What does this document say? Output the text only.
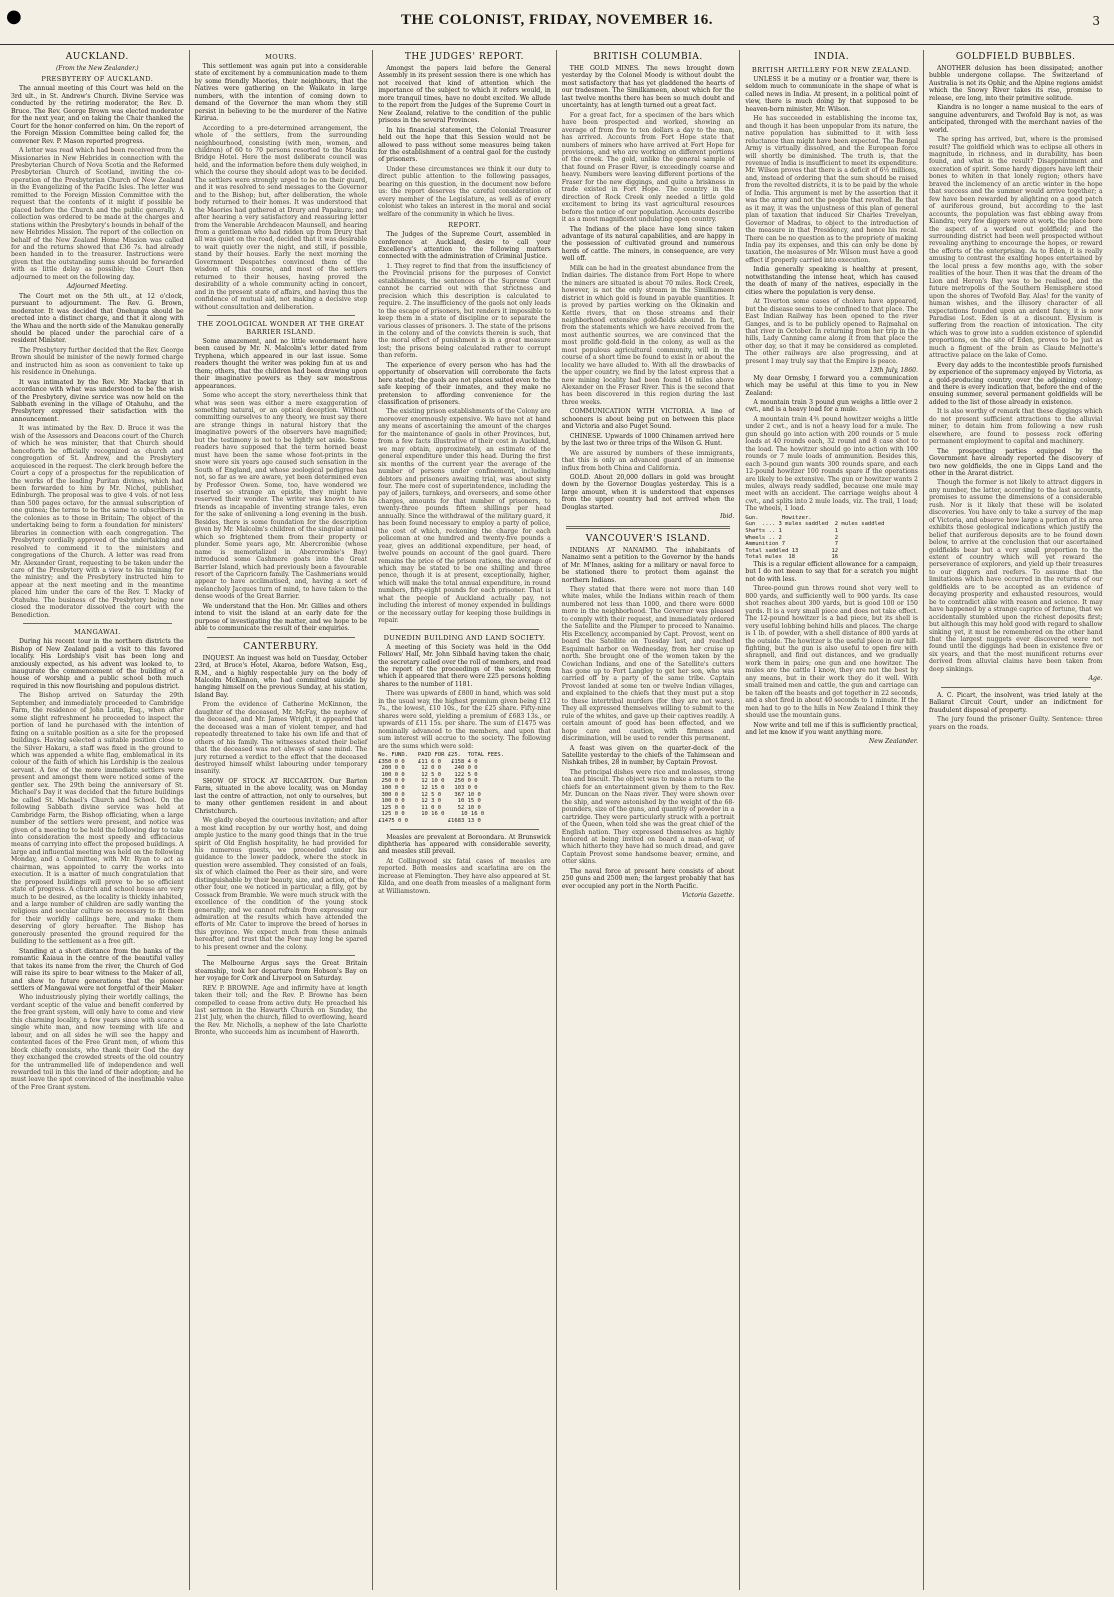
●	THE COLONIST, FRIDAY, NOVEMBER 16.	3
AUCKLAND.
(From the New Zealander.)
PRESBYTERY OF AUCKLAND.

The annual meeting of this Court was held on the 3rd ult., in St. Andrew's Church. Divine Service was conducted by the retiring moderator, the Rev. D. Bruce. The Rev. George Brown was elected moderator for the next year, and on taking the Chair thanked the Court for the honor conferred on him. On the report of the Foreign Mission Committee being called for, the convener Rev. P. Mason reported progress.

A letter was read which had been received from the Missionaries in New Hebrides in connection with the Presbyterian Church of Nova Scotia and the Reformed Presbyterian Church of Scotland, inviting the co-operation of the Presbyterian Church of New Zealand in the Evangelizing of the Pacific Isles. The letter was remitted to the Foreign Mission Committee with the request that the contents of it might if possible be placed before the Church and the public generally. A collection was ordered to be made at the charges and stations within the Presbytery's bounds in behalf of the new Hebrides Mission. The report of the collection on behalf of the New Zealand Home Mission was called for and the returns showed that £36 7s. had already been handed in to the treasurer. Instructions were given that the outstanding sums should be forwarded with as little delay as possible; the Court then adjourned to meet on the following day.

Adjourned Meeting.

The Court met on the 5th ult., at 12 o'clock, pursuant to adjournment. The Rev. G. Brown, moderator. It was decided that Onehunga should be erected into a distinct charge, and that it along with the Whau and the north side of the Manukau generally should be placed under the parochial care of a resident Minister.

The Presbytery further decided that the Rev. George Brown should be minister of the newly formed charge and instructed him as soon as convenient to take up his residence in Onehunga.

It was intimated by the Rev. Mr. Mackay that in accordance with what was understood to be the wish of the Presbytery, divine service was now held on the Sabbath evening in the village of Otahuhu, and the Presbytery expressed their satisfaction with the announcement.

It was intimated by the Rev. D. Bruce it was the wish of the Assessors and Deacons court of the Church of which he was minister, that that Church should henceforth be officially recognized as church and congregation of St. Andrew, and the Presbytery acquiesced in the request. The clerk brough before the Court a copy of a prospectus for the republication of the works of the leading Puritan divines, which had been forwarded to him by Mr. Nichol, publisher, Edinburgh. The proposal was to give 4 vols. of not less than 500 pages octavo, for the annual subscription of one guinea; the terms to be the same to subscribers in the colonies as to those in Britain; The object of the undertaking being to form a foundation for ministers' libraries in connection with each congregation. The Presbytery cordially approved of the undertaking and resolved to commend it to the ministers and congregations of the Church. A letter was read from Mr. Alexander Grant, requesting to be taken under the care of the Presbytery with a view to his training for the ministry; and the Presbytery instructed him to appear at the next meeting and in the meantime placed him under the care of the Rev. T. Macky of Otahuhu. The business of the Presbytery being now closed the moderator dissolved the court with the Benediction.

MANGAWAI.

During his recent tour in the northern districts the Bishop of New Zealand paid a visit to this favored locality. His Lordship's visit has been long and anxiously expected, as his advent was looked to, to inaugurate the commencement of the building of a house of worship and a public school both much required in this now flourishing and populous district.

The Bishop arrived on Saturday the 29th September, and immediately proceeded to Cambridge Farm, the residence of John Lutin, Esq., when after some slight refreshment he proceeded to inspect the portion of land he purchased with the intention of fixing on a suitable position as a site for the proposed buildings. Having selected a suitable position close to the Silver Hakaru, a staff was fixed in the ground to which was appended a white flag, emblematical in its colour of the faith of which his Lordship is the zealous servant. A few of the more immediate settlers were present and amongst them were noticed some of the gentler sex. The 29th being the anniversary of St. Michael's Day it was decided that the future buildings be called St. Michael's Church and School. On the following Sabbath divine service was held at Cambridge Farm, the Bishop officiating, when a large number of the settlers were present, and notice was given of a meeting to be held the following day to take into consideration the most speedy and efficacious means of carrying into effect the proposed buildings. A large and influential meeting was held on the following Monday, and a Committee, with Mr. Ryan to act as chairman, was appointed to carry the works into execution. It is a matter of much congratulation that the proposed buildings will prove to be so efficient state of progress. A church and school house are very much to be desired, as the locality is thickly inhabited, and a large number of children are sadly wanting the religious and secular culture so necessary to fit them for their worldly callings here, and make them deserving of glory hereafter. The Bishop has generously presented the ground required for the building to the settlement as a free gift.

Standing at a short distance from the banks of the romantic Kaiaua in the centre of the beautiful valley that takes its name from the river, the Church of God will raise its spire to bear witness to the Maker of all, and shew to future generations that the pioneer settlers of Mangawai were not forgetful of their Maker.

Who industriously plying their worldly callings, the verdant sceptic of the value and benefit conferred by the free grant system, will only have to come and view this charming locality, a few years since with scarce a single white man, and now teeming with life and labour, and on all sides he will see the happy and contented faces of the Free Grant men, of whom this block chiefly consists, who thank their God the day they exchanged the crowded streets of the old country for the untrammelled life of independence and well rewarded toil in this the land of their adoption; and he must leave the spot convinced of the inestimable value of the Free Grant system.

MOURS.

This settlement was again put into a considerable state of excitement by a communication made to them by some friendly Maories, their neighbours, that the Natives were gathering on the Waikato in large numbers, with the intention of coming down to demand of the Governor the man whom they still persist in believing to be the murderer of the Native Kirirua.

According to a pre-determined arrangement, the whole of the settlers, from the surrounding neighbourhood, consisting (with men, women, and children) of 60 to 70 persons resorted to the Mauku Bridge Hotel. Here the most deliberate council was held, and the information before them duly weighed, in which the course they should adopt was to be decided. The settlers were strongly urged to be on their guard, and it was resolved to send messages to the Governor and to the Bishop; but, after deliberation, the whole body returned to their homes. It was understood that the Maories had gathered at Drury and Papakura; and after hearing a very satisfactory and reassuring letter from the Venerable Archdeacon Maunsell, and hearing from a gentleman who had ridden up from Drury that all was quiet on the road, decided that it was desirable to wait quietly over the night, and still, if possible, stand by their houses. Early the next morning the Government Despatches convinced them of the wisdom of this course, and most of the settlers returned to their houses, having proved the desirability of a whole community acting in concert, and in the present state of affairs, and having thus the confidence of mutual aid, not making a decisive step without consultation and deliberation.

THE ZOOLOGICAL WONDER AT THE GREAT BARRIER ISLAND.

Some amazement, and no little wonderment have been caused by Mr. N. Malcolm's letter dated from Tryphena, which appeared in our last issue. Some readers thought the writer was poking fun at us and them; others, that the children had been drawing upon their imaginative powers as they saw monstrous appearances.

Some who accept the story, nevertheless think that what was seen was either a mere exaggeration of something natural, or an optical deception. Without committing ourselves to any theory, we must say there are strange things in natural history that the imaginative powers of the observers have magnified; but the testimony is not to be lightly set aside. Some readers have supposed that the term horned beast must have been the same whose foot-prints in the snow were six years ago caused such sensation in the South of England, and whose zoological pedigree has not, so far as we are aware, yet been determined even by Professor Owen. Some, too, have wondered we inserted so strange an epistle, they might have reserved their wonder. The writer was known to his friends as incapable of inventing strange tales, even for the sake of enlivening a long evening in the bush. Besides, there is some foundation for the description given by Mr. Malcolm's children of the singular animal which so frightened them from their property or plunder. Some years ago, Mr. Abercrombie (whose name is memorialized in Abercrombie's Bay) introduced some Cashmere goats into the Great Barrier Island, which had previously been a favourable resort of the Capricorn family. The Cashmerians would appear to have acclimatised, and, having a sort of melancholy Jacques turn of mind, to have taken to the dense woods of the Great Barrier.

We understand that the Hon. Mr. Gillies and others intend to visit the island at an early date for the purpose of investigating the matter, and we hope to be able to communicate the result of their enquiries.

CANTERBURY.

INQUEST. An inquest was held on Tuesday, October 23rd, at Bruce's Hotel, Akaroa, before Watson, Esq., R.M., and a highly respectable jury on the body of Malcolm McKinnon, who had committed suicide by hanging himself on the previous Sunday, at his station, Island Bay.

From the evidence of Catherine McKinnon, the daughter of the deceased, Mr. McFay, the nephew of the deceased, and Mr. James Wright, it appeared that the deceased was a man of violent temper, and had repeatedly threatened to take his own life and that of others of his family. The witnesses stated their belief that the deceased was not always of sane mind. The jury returned a verdict to the effect that the deceased destroyed himself whilst labouring under temporary insanity.

SHOW OF STOCK AT RICCARTON. Our Barton Farm, situated in the above locality, was on Monday last the centre of attraction, not only to ourselves, but to many other gentlemen resident in and about Christchurch.

We gladly obeyed the courteous invitation; and after a most kind reception by our worthy host, and doing ample justice to the many good things that in the true spirit of Old English hospitality, he had provided for his numerous guests, we proceeded under his guidance to the lower paddock, where the stock in question were assembled. They consisted of an foals, six of which claimed the Peer as their sire, and were distinguishable by their beauty, size, and action, of the other four, one we noticed in particular, a filly, got by Cossack from Bramble. We were much struck with the excellence of the condition of the young stock generally; and we cannot refrain from expressing our admiration at the results which have attended the efforts of Mr. Cater to improve the breed of horses in this province. We expect much from these animals hereafter, and trust that the Peer may long be spared to his present owner and the colony.

The Melbourne Argus says the Great Britain steamship, took her departure from Hobson's Bay on her voyage for Cork and Liverpool on Saturday.

REV. P. BROWNE. Age and infirmity have at length taken their toll; and the Rev. P. Browne has been compelled to cease from active duty. He preached his last sermon in the Hawarth Church on Sunday, the 21st July, when the church, filled to overflowing, heard the Rev. Mr. Nicholls, a nephew of the late Charlotte Bronte, who succeeds him as incumbent of Haworth.

THE JUDGES' REPORT.

Amongst the papers laid before the General Assembly in its present session there is one which has not received that kind of attention which the importance of the subject to which it refers would, in more tranquil times, have no doubt excited. We allude to the report from the Judges of the Supreme Court in New Zealand, relative to the condition of the public prisons in the several Provinces.

In his financial statement, the Colonial Treasurer held out the hope that this Session would not be allowed to pass without some measures being taken for the establishment of a central gaol for the custody of prisoners.

Under these circumstances we think it our duty to direct public attention to the following passages, bearing on this question, in the document now before us: the report deserves the careful consideration of every member of the Legislature, as well as of every colonist who takes an interest in the moral and social welfare of the community in which he lives.

REPORT.

The Judges of the Supreme Court, assembled in conference at Auckland, desire to call your Excellency's attention to the following matters connected with the administration of Criminal Justice.

1. They regret to find that from the insufficiency of the Provincial prisons for the purposes of Convict establishments, the sentences of the Supreme Court cannot be carried out with that strictness and precision which this description is calculated to require. 2. The insufficiency of the gaols not only leads to the escape of prisoners, but renders it impossible to keep them in a state of discipline or to separate the various classes of prisoners. 3. The state of the prisons in the colony and of the convicts therein is such, that the moral effect of punishment is in a great measure lost; the prisons being calculated rather to corrupt than reform.

The experience of every person who has had the opportunity of observation will corroborate the facts here stated; the gaols are not places suited even to the safe keeping of their inmates, and they make no pretension to affording convenience for the classification of prisoners.

The existing prison establishments of the Colony are moreover enormously expensive. We have not at hand any means of ascertaining the amount of the charges for the maintenance of gaols in other Provinces, but, from a few facts illustrative of their cost in Auckland, we may obtain, approximately, an estimate of the general expenditure under this head. During the first six months of the current year the average of the number of persons under confinement, including debtors and prisoners awaiting trial, was about sixty four. The mere cost of superintendence, including the pay of jailers, turnkeys, and overseers, and some other charges, amounts for that number of prisoners, to twenty-three pounds fifteen shillings per head annually. Since the withdrawal of the military guard, it has been found necessary to employ a party of police, the cost of which, reckoning the charge for each policeman at one hundred and twenty-five pounds a year, gives an additional expenditure, per head, of twelve pounds on account of the gaol guard. There remains the price of the prison rations, the average of which may be stated to be one shilling and three pence, though it is at present, exceptionally, higher, which will make the total annual expenditure, in round numbers, fifty-eight pounds for each prisoner. That is what the people of Auckland actually pay, not including the interest of money expended in buildings or the necessary outlay for keeping those buildings in repair.

DUNEDIN BUILDING AND LAND SOCIETY.

A meeting of this Society was held in the Odd Fellows' Hall, Mr. John Sibbald having taken the chair, the secretary called over the roll of members, and read the report of the proceedings of the society, from which it appeared that there were 225 persons holding shares to the number of 1181.

There was upwards of £800 in hand, which was sold in the usual way, the highest premium given being £12 7s., the lowest, £10 10s., for the £25 share. Fifty-nine shares were sold, yielding a premium of £683 13s., or upwards of £11 15s. per share. The sum of £1475 was nominally advanced to the members, and upon that sum interest will accrue to the society. The following are the sums which were sold:

No. FUND.   PAID FOR £25.  TOTAL FEES.
£350 0 0    £11 6 0   £158 4 0
200 0 0     12 0 0    240 0 0
100 0 0     12 5 0    122 5 0
250 0 0     12 10 0   250 0 0
100 0 0     12 15 0   103 0 0
300 0 0     12 5 0    367 10 0
100 0 0     12 3 0     10 15 0
125 0 0     11 0 0     52 10 0
125 0 0     10 16 0     10 16 0
£1475 0 0            £1683 13 0

Measles are prevalent at Boroondara. At Brunswick diphtheria has appeared with considerable severity, and measles still prevail.

At Collingwood six fatal cases of measles are reported. Both measles and scarlatina are on the increase at Flemington. They have also appeared at St. Kilda, and one death from measles of a malignant form at Williamstown.

BRITISH COLUMBIA.

THE GOLD MINES. The news brought down yesterday by the Colonel Moody is without doubt the most satisfactory that has yet gladdened the hearts of our tradesmen. The Similkameen, about which for the last twelve months there has been so much doubt and uncertainty, has at length turned out a great fact.

For a great fact, for a specimen of the bars which have been prospected and worked, showing an average of from five to ten dollars a day to the man, has arrived. Accounts from Fort Hope state that numbers of miners who have arrived at Fort Hope for provisions, and who are working on different portions of the creek. The gold, unlike the general sample of that found on Fraser River, is exceedingly coarse and heavy. Numbers were leaving different portions of the Fraser for the new diggings, and quite a briskness in trade existed in Fort Hope. The country in the direction of Rock Creek only needed a little gold excitement to bring its vast agricultural resources before the notice of our population. Accounts describe it as a most magnificent undulating open country.

The Indians of the place have long since taken advantage of its natural capabilities, and are happy in the possession of cultivated ground and numerous herds of cattle. The miners, in consequence, are very well off.

Milk can be had in the greatest abundance from the Indian dairies. The distance from Fort Hope to where the miners are situated is about 70 miles. Rock Creek, however, is not the only stream in the Similkameen district in which gold is found in payable quantities. It is proved by parties working on the Okinakin and Kettle rivers, that on those streams and their neighborhood extensive gold-fields abound. In fact, from the statements which we have received from the most authentic sources, we are convinced that the most prolific gold-field in the colony, as well as the most populous agricultural community, will in the course of a short time be found to exist in or about the locality we have alluded to. With all the drawbacks of the upper country, we find by the latest express that a new mining locality had been found 16 miles above Alexander on the Fraser River. This is the second that has been discovered in this region during the last three weeks.

COMMUNICATION WITH VICTORIA. A line of schooners is about being put on between this place and Victoria and also Puget Sound.

CHINESE. Upwards of 1000 Chinamen arrived here by the last two or three trips of the Wilson G. Hunt.

We are assured by numbers of these immigrants, that this is only an advanced guard of an immense influx from both China and California.

GOLD. About 20,000 dollars in gold was brought down by the Governor Douglas yesterday. This is a large amount, when it is understood that expenses from the upper country had not arrived when the Douglas started.

Ibid.
VANCOUVER'S ISLAND.

INDIANS AT NANAIMO. The inhabitants of Nanaimo sent a petition to the Governor by the hands of Mr. M'Innes, asking for a military or naval force to be stationed there to protect them against the northern Indians.

They stated that there were not more than 140 white males, while the Indians within reach of them numbered not less than 1000, and there were 6000 more in the neighborhood. The Governor was pleased to comply with their request, and immediately ordered the Satellite and the Plumper to proceed to Nanaimo. His Excellency, accompanied by Capt. Provost, went on board the Satellite on Tuesday last, and reached Esquimalt harbor on Wednesday, from her cruise up north. She brought one of the women taken by the Cowichan Indians, and one of the Satellite's cutters has gone up to Fort Langley to get her son, who was carried off by a party of the same tribe. Captain Provost landed at some ten or twelve Indian villages, and explained to the chiefs that they must put a stop to these intertribal murders (for they are not wars). They all expressed themselves willing to submit to the rule of the whites, and gave up their captives readily. A certain amount of good has been effected, and we hope care and caution, with firmness and discrimination, will be used to render this permanent.

A feast was given on the quarter-deck of the Satellite yesterday to the chiefs of the Tahimsean and Nishkah tribes, 28 in number, by Captain Provost.

The principal dishes were rice and molasses, strong tea and biscuit. The object was to make a return to the chiefs for an entertainment given by them to the Rev. Mr. Duncan on the Naas river. They were shown over the ship, and were astonished by the weight of the 68-pounders, size of the guns, and quantity of powder in a cartridge. They were particularly struck with a portrait of the Queen, when told she was the great chief of the English nation. They expressed themselves as highly honored at being invited on board a man-of-war, of which hitherto they have had so much dread, and gave Captain Provost some handsome beaver, ermine, and otter skins.

The naval force at present here consists of about 250 guns and 2500 men; the largest probably that has ever occupied any port in the North Pacific.

Victoria Gazette.
INDIA.
BRITISH ARTILLERY FOR NEW ZEALAND.

UNLESS it be a mutiny or a frontier war, there is seldom much to communicate in the shape of what is called news in India. At present, in a political point of view, there is much doing by that supposed to be heaven-born minister, Mr. Wilson.

He has succeeded in establishing the income tax, and though it has been unpopular from its nature, the native population has submitted to it with less reluctance than might have been expected. The Bengal Army is virtually dissolved, and the European force will shortly be diminished. The truth is, that the revenue of India is insufficient to meet its expenditure. Mr. Wilson proves that there is a deficit of 6½ millions, and, instead of ordering that the sum should be raised from the revolted districts, it is to be paid by the whole of India. This argument is met by the assertion that it was the army and not the people that revolted. Be that as it may, it was the unjustness of this plan of general plan of taxation that induced Sir Charles Trevelyan, Governor of Madras, to object to the introduction of the measure in that Presidency, and hence his recal. There can be no question as to the propriety of making India pay its expenses, and this can only be done by taxation, the measures of Mr. Wilson must have a good effect if properly carried into execution.

India generally speaking is healthy at present, notwithstanding the intense heat, which has caused the death of many of the natives, especially in the cities where the population is very dense.

At Tiverton some cases of cholera have appeared, but the disease seems to be confined to that place. The East Indian Railway has been opened to the river Ganges, and is to be publicly opened to Rajmahal on that river in October. In returning from her trip in the hills, Lady Canning came along it from that place the other day, so that it may be considered as completed. The other railways are also progressing, and at present I may truly say that the Empire is peace.

13th July, 1860.

My dear Ormsby, I forward you a communication which may be useful at this time to you in New Zealand:

A mountain train 3 pound gun weighs a little over 2 cwt., and is a heavy load for a mule.

A mountain train 4⅗ pound howitzer weighs a little under 2 cwt., and is not a heavy load for a mule. The gun should go into action with 200 rounds or 5 mule loads at 40 rounds each, 32 round and 8 case shot to the load. The howitzer should go into action with 100 rounds or 7 mule loads of ammunition. Besides this, each 3-pound gun wants 300 rounds spare, and each 12-pound howitzer 100 rounds spare if the operations are likely to be extensive. The gun or howitzer wants 2 mules, always ready saddled, because one mule may meet with an accident. The carriage weighs about 4 cwt., and splits into 2 mule loads, viz. The trail, 1 load; The wheels, 1 load.

Gun.       Howitzer.
Gun  .... 3 mules saddled  2 mules saddled
Shafts .. 1                1
Wheels .. 2                2
Ammunition 7               7
Total saddled 13          12
Total mules  18           16

This is a regular efficient allowance for a campaign, but I do not mean to say that for a scratch you might not do with less.

Three-pound gun throws round shot very well to 800 yards, and sufficiently well to 900 yards. Its case shot reaches about 300 yards, but is good 100 or 150 yards. It is a very small piece and does not take effect. The 12-pound howitzer is a bad piece, but its shell is very useful lobbing behind hills and places. The charge is 1 lb. of powder, with a shell distance of 800 yards at the outside. The howitzer is the useful piece in our hill-fighting, but the gun is also useful to open fire with shrapnell, and find out distances, and we gradually work them in pairs; one gun and one howitzer. The mules are the cattle I know, they are not the best by any means, but in their work they do it well. With small trained men and cattle, the gun and carriage can be taken off the beasts and got together in 22 seconds, and a shot fired in about 40 seconds to 1 minute. If the men had to go to the hills in New Zealand I think they should use the mountain guns.

Now write and tell me if this is sufficiently practical, and let me know if you want anything more.

New Zealander.
GOLDFIELD BUBBLES.

ANOTHER delusion has been dissipated; another bubble undergone collapse. The Switzerland of Australia is not its Ophir, and the Alpine regions amidst which the Snowy River takes its rise, promise to release, ere long, into their primitive solitude.

Kiandra is no longer a name musical to the ears of sanguine adventurers, and Twofold Bay is not, as was anticipated, thronged with the merchant navies of the world.

The spring has arrived, but, where is the promised result? The goldfield which was to eclipse all others in magnitude, in richness, and in durability, has been found, and what is the result? Disappointment and execration of spirit. Some hardy diggers have left their bones to whiten in that lonely region; others have braved the inclemency of an arctic winter in the hope that success and the summer would arrive together; a few have been rewarded by alighting on a good patch of auriferous ground, but according to the last accounts, the population was fast ebbing away from Kiandra; very few diggers were at work; the place bore the aspect of a worked out goldfield; and the surrounding district had been well prospected without revealing anything to encourage the hopes, or reward the efforts of the enterprising. As to Eden, it is really amusing to contrast the exalting hopes entertained by the local press a few months ago, with the sober realities of the hour. Then it was that the dream of the Lion and Heron's Bay was to be realised, and the future metropolis of the Southern Hemisphere stood upon the shores of Twofold Bay. Alas! for the vanity of human wishes, and the illusory character of all expectations founded upon an ardent fancy, it is now Paradise Lost. Eden is at a discount. Elysium is suffering from the reaction of intoxication. The city which was to grow into a sudden existence of splendid proportions, on the site of Eden, proves to be just as much a figment of the brain as Claude Melnotte's attractive palace on the lake of Como.

Every day adds to the incontestible proofs furnished by experience of the supremacy enjoyed by Victoria, as a gold-producing country, over the adjoining colony; and there is every indication that, before the end of the ensuing summer, several permanent goldfields will be added to the list of those already in existence.

It is also worthy of remark that these diggings which do not present sufficient attractions to the alluvial miner, to detain him from following a new rush elsewhere, are found to possess rock offering permanent employment to capital and machinery.

The prospecting parties equipped by the Government have already reported the discovery of two new goldfields, the one in Gipps Land and the other in the Ararat district.

Though the former is not likely to attract diggers in any number, the latter, according to the last accounts, promises to assume the dimensions of a considerable rush. Nor is it likely that these will be isolated discoveries. You have only to take a survey of the map of Victoria, and observe how large a portion of its area exhibits those geological indications which justify the belief that auriferous deposits are to be found down below, to arrive at the conclusion that our ascertained goldfields bear but a very small proportion to the extent of country which will yet reward the perseverance of explorers, and yield up their treasures to our diggers and reefers. To assume that the limitations which have occurred in the returns of our goldfields are to be accepted as an evidence of decaying prosperity and exhausted resources, would be to contradict alike with reason and science. It may have happened by a strange caprice of fortune, that we accidentally stumbled upon the richest deposits first; but although this may hold good with regard to shallow sinking yet, it must be remembered on the other hand that the largest nuggets ever discovered were not found until the diggings had been in existence five or six years, and that the most munificent returns ever derived from alluvial claims have been taken from deep sinkings.

Age.

A. C. Picart, the insolvent, was tried lately at the Ballarat Circuit Court, under an indictment for fraudulent disposal of property.

The jury found the prisoner Guilty. Sentence: three years on the roads.
